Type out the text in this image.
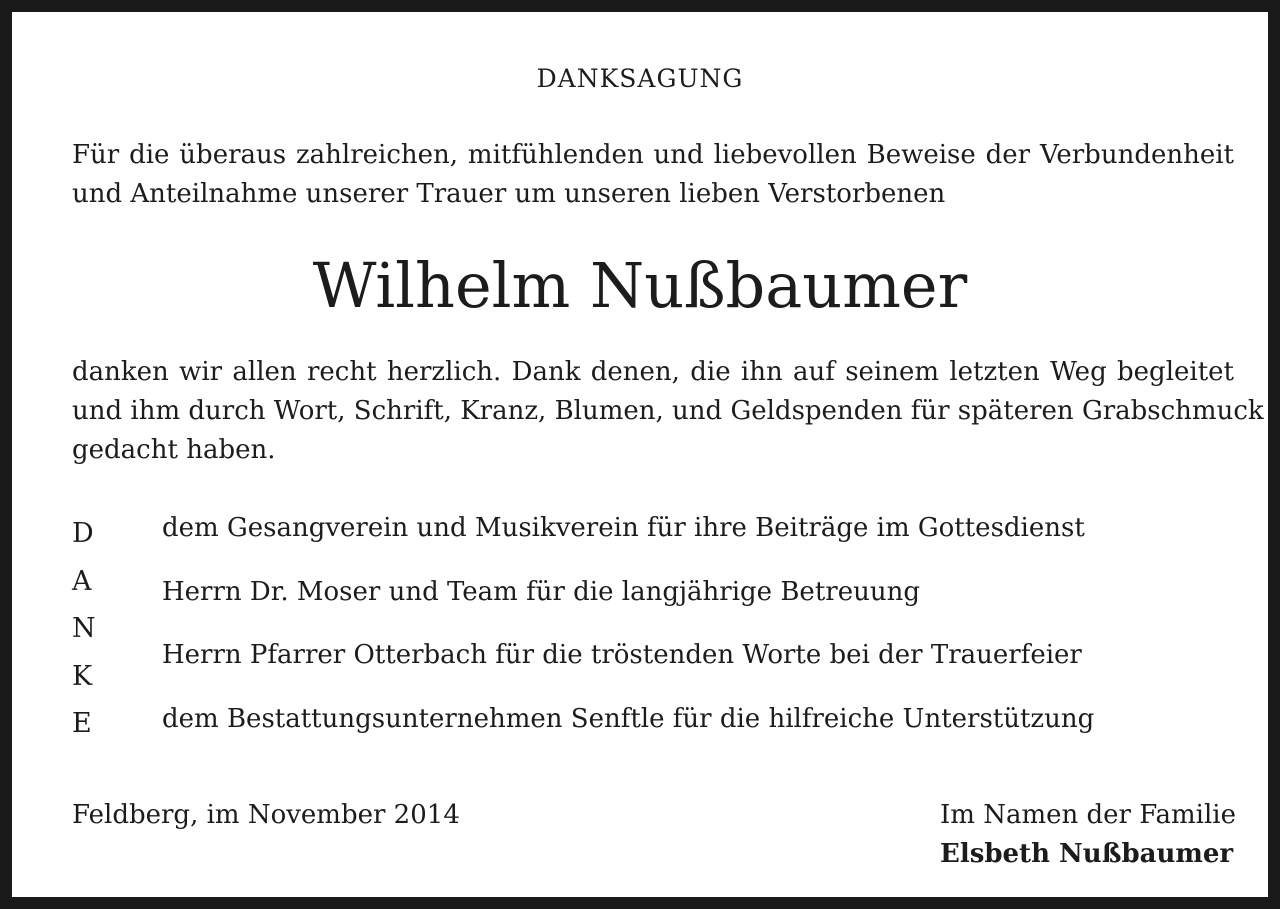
DANKSAGUNG
Für die überaus zahlreichen, mitfühlenden und liebevollen Beweise der Verbundenheit
und Anteilnahme unserer Trauer um unseren lieben Verstorbenen
Wilhelm Nußbaumer
danken wir allen recht herzlich. Dank denen, die ihn auf seinem letzten Weg begleitet
und ihm durch Wort, Schrift, Kranz, Blumen, und Geldspenden für späteren Grabschmuck
gedacht haben.
D
A
N
K
E
dem Gesangverein und Musikverein für ihre Beiträge im Gottesdienst
Herrn Dr. Moser und Team für die langjährige Betreuung
Herrn Pfarrer Otterbach für die tröstenden Worte bei der Trauerfeier
dem Bestattungsunternehmen Senftle für die hilfreiche Unterstützung
Feldberg, im November 2014	Im Namen der Familie
Elsbeth Nußbaumer
